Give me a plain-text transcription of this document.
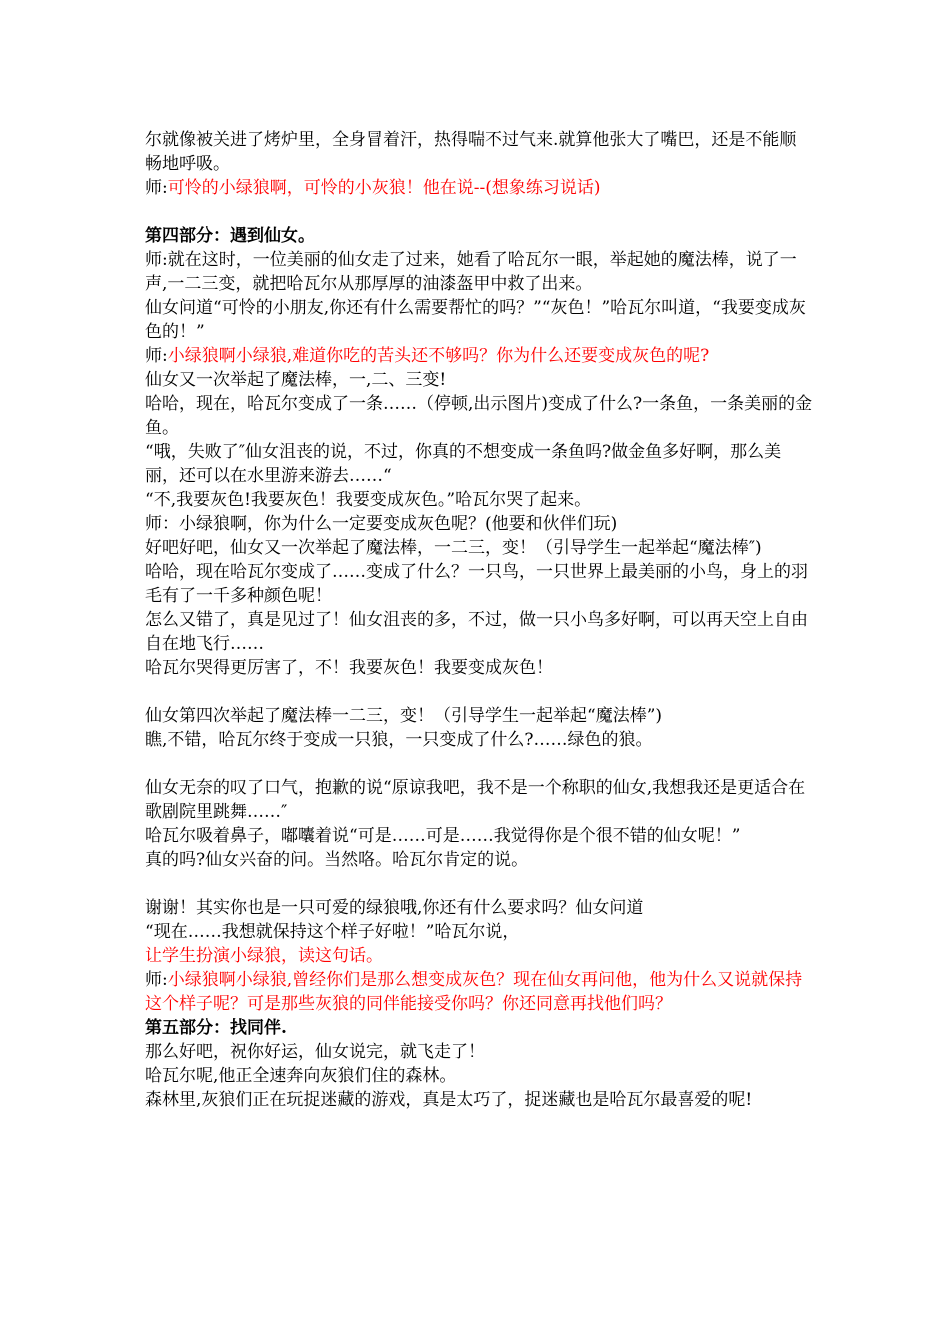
尔就像被关进了烤炉里，全身冒着汗，热得喘不过气来.就算他张大了嘴巴，还是不能顺畅地呼吸。

师:可怜的小绿狼啊，可怜的小灰狼！他在说--(想象练习说话)

第四部分：遇到仙女。

师:就在这时，一位美丽的仙女走了过来，她看了哈瓦尔一眼，举起她的魔法棒，说了一声,一二三变，就把哈瓦尔从那厚厚的油漆盔甲中救了出来。

仙女问道“可怜的小朋友,你还有什么需要帮忙的吗？”“灰色！”哈瓦尔叫道，“我要变成灰色的！”

师:小绿狼啊小绿狼,难道你吃的苦头还不够吗？你为什么还要变成灰色的呢?

仙女又一次举起了魔法棒，一,二、三变!

哈哈，现在，哈瓦尔变成了一条……（停顿,出示图片)变成了什么?一条鱼，一条美丽的金鱼。

“哦，失败了″仙女沮丧的说，不过，你真的不想变成一条鱼吗?做金鱼多好啊，那么美丽，还可以在水里游来游去……“

“不,我要灰色!我要灰色！我要变成灰色。”哈瓦尔哭了起来。

师：小绿狼啊，你为什么一定要变成灰色呢？(他要和伙伴们玩)

好吧好吧，仙女又一次举起了魔法棒，一二三，变！（引导学生一起举起“魔法棒″)

哈哈，现在哈瓦尔变成了……变成了什么？一只鸟，一只世界上最美丽的小鸟，身上的羽毛有了一千多种颜色呢！

怎么又错了，真是见过了！仙女沮丧的多，不过，做一只小鸟多好啊，可以再天空上自由自在地飞行……

哈瓦尔哭得更厉害了，不！我要灰色！我要变成灰色！

仙女第四次举起了魔法棒一二三，变！（引导学生一起举起“魔法棒”)

瞧,不错，哈瓦尔终于变成一只狼，一只变成了什么?……绿色的狼。

仙女无奈的叹了口气，抱歉的说“原谅我吧，我不是一个称职的仙女,我想我还是更适合在歌剧院里跳舞……″

哈瓦尔吸着鼻子，嘟囔着说“可是……可是……我觉得你是个很不错的仙女呢！”

真的吗?仙女兴奋的问。当然咯。哈瓦尔肯定的说。

谢谢！其实你也是一只可爱的绿狼哦,你还有什么要求吗？仙女问道

“现在……我想就保持这个样子好啦！”哈瓦尔说，

让学生扮演小绿狼，读这句话。

师:小绿狼啊小绿狼,曾经你们是那么想变成灰色？现在仙女再问他，他为什么又说就保持这个样子呢？可是那些灰狼的同伴能接受你吗？你还同意再找他们吗？

第五部分：找同伴.

那么好吧，祝你好运，仙女说完，就飞走了！

哈瓦尔呢,他正全速奔向灰狼们住的森林。

森林里,灰狼们正在玩捉迷藏的游戏，真是太巧了，捉迷藏也是哈瓦尔最喜爱的呢!
